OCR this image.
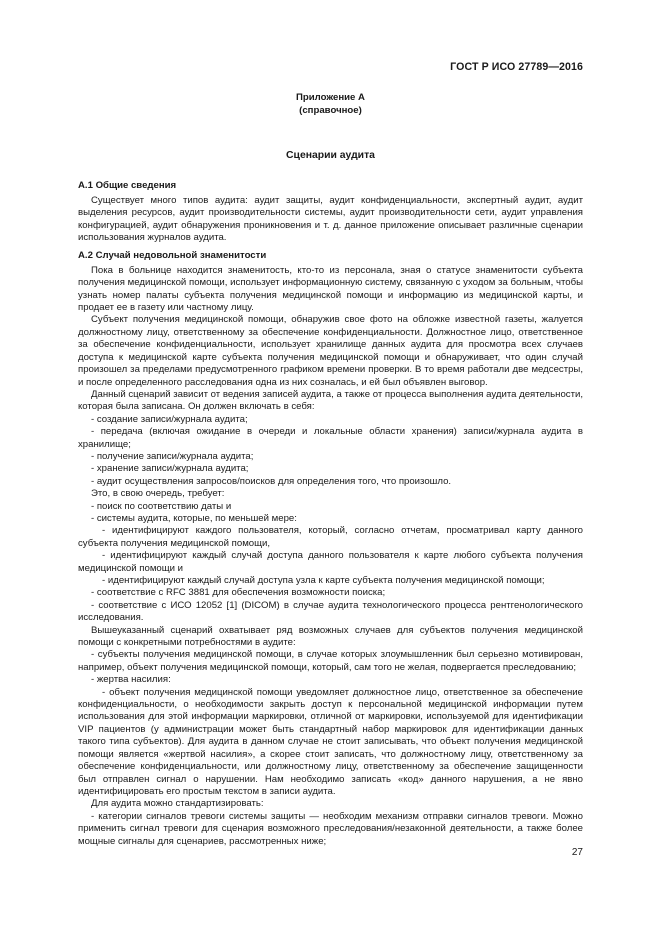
ГОСТ Р ИСО 27789—2016
Приложение А
(справочное)
Сценарии аудита
А.1 Общие сведения

Существует много типов аудита: аудит защиты, аудит конфиденциальности, экспертный аудит, аудит выделения ресурсов, аудит производительности системы, аудит производительности сети, аудит управления конфигурацией, аудит обнаружения проникновения и т. д. данное приложение описывает различные сценарии использования журналов аудита.

А.2 Случай недовольной знаменитости

Пока в больнице находится знаменитость, кто-то из персонала, зная о статусе знаменитости субъекта получения медицинской помощи, использует информационную систему, связанную с уходом за больным, чтобы узнать номер палаты субъекта получения медицинской помощи и информацию из медицинской карты, и продает ее в газету или частному лицу.

Субъект получения медицинской помощи, обнаружив свое фото на обложке известной газеты, жалуется должностному лицу, ответственному за обеспечение конфиденциальности. Должностное лицо, ответственное за обеспечение конфиденциальности, использует хранилище данных аудита для просмотра всех случаев доступа к медицинской карте субъекта получения медицинской помощи и обнаруживает, что один случай произошел за пределами предусмотренного графиком времени проверки. В то время работали две медсестры, и после определенного расследования одна из них созналась, и ей был объявлен выговор.

Данный сценарий зависит от ведения записей аудита, а также от процесса выполнения аудита деятельности, которая была записана. Он должен включать в себя:

- создание записи/журнала аудита;

- передача (включая ожидание в очереди и локальные области хранения) записи/журнала аудита в хранилище;

- получение записи/журнала аудита;

- хранение записи/журнала аудита;

- аудит осуществления запросов/поисков для определения того, что произошло.

Это, в свою очередь, требует:

- поиск по соответствию даты и

- системы аудита, которые, по меньшей мере:

- идентифицируют каждого пользователя, который, согласно отчетам, просматривал карту данного субъекта получения медицинской помощи,

- идентифицируют каждый случай доступа данного пользователя к карте любого субъекта получения медицинской помощи и

- идентифицируют каждый случай доступа узла к карте субъекта получения медицинской помощи;

- соответствие с RFC 3881 для обеспечения возможности поиска;

- соответствие с ИСО 12052 [1] (DICOM) в случае аудита технологического процесса рентгенологического исследования.

Вышеуказанный сценарий охватывает ряд возможных случаев для субъектов получения медицинской помощи с конкретными потребностями в аудите:

- субъекты получения медицинской помощи, в случае которых злоумышленник был серьезно мотивирован, например, объект получения медицинской помощи, который, сам того не желая, подвергается преследованию;

- жертва насилия:

- объект получения медицинской помощи уведомляет должностное лицо, ответственное за обеспечение конфиденциальности, о необходимости закрыть доступ к персональной медицинской информации путем использования для этой информации маркировки, отличной от маркировки, используемой для идентификации VIP пациентов (у администрации может быть стандартный набор маркировок для идентификации данных такого типа субъектов). Для аудита в данном случае не стоит записывать, что объект получения медицинской помощи является «жертвой насилия», а скорее стоит записать, что должностному лицу, ответственному за обеспечение конфиденциальности, или должностному лицу, ответственному за обеспечение защищенности был отправлен сигнал о нарушении. Нам необходимо записать «код» данного нарушения, а не явно идентифицировать его простым текстом в записи аудита.

Для аудита можно стандартизировать:

- категории сигналов тревоги системы защиты — необходим механизм отправки сигналов тревоги. Можно применить сигнал тревоги для сценария возможного преследования/незаконной деятельности, а также более мощные сигналы для сценариев, рассмотренных ниже;

27
